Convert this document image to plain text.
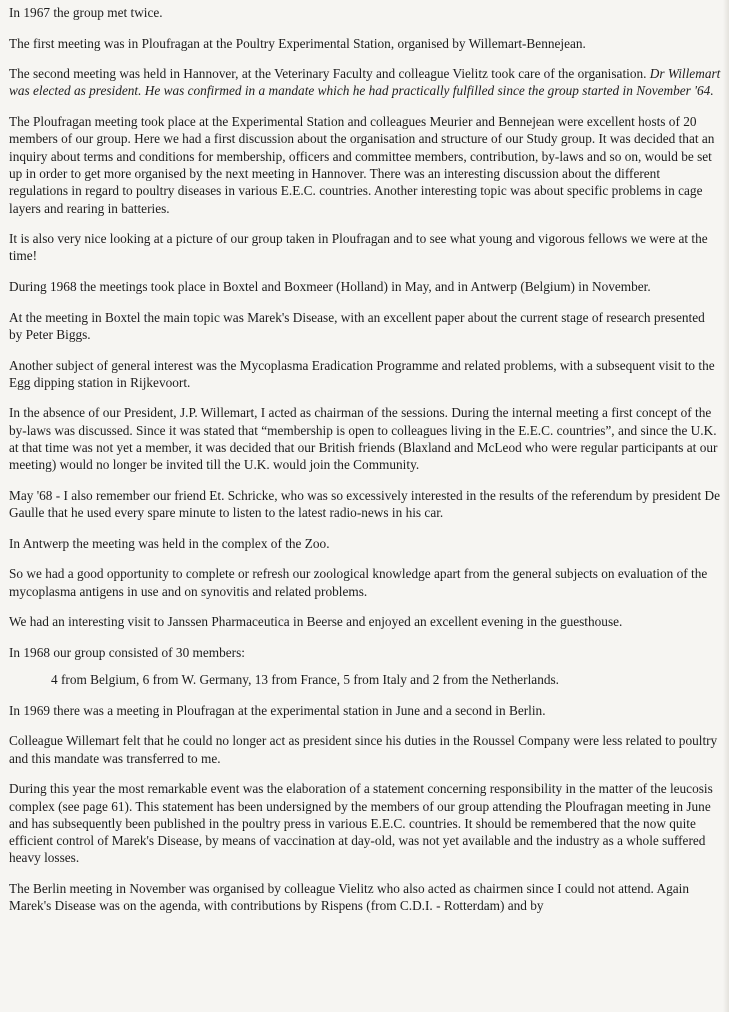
In 1967 the group met twice.

The first meeting was in Ploufragan at the Poultry Experimental Station, organised by Willemart-Bennejean.

The second meeting was held in Hannover, at the Veterinary Faculty and colleague Vielitz took care of the organisation. Dr Willemart was elected as president. He was confirmed in a mandate which he had practically fulfilled since the group started in November '64.

The Ploufragan meeting took place at the Experimental Station and colleagues Meurier and Bennejean were excellent hosts of 20 members of our group. Here we had a first discussion about the organisation and structure of our Study group. It was decided that an inquiry about terms and conditions for membership, officers and committee members, contribution, by-laws and so on, would be set up in order to get more organised by the next meeting in Hannover. There was an interesting discussion about the different regulations in regard to poultry diseases in various E.E.C. countries. Another interesting topic was about specific problems in cage layers and rearing in batteries.

It is also very nice looking at a picture of our group taken in Ploufragan and to see what young and vigorous fellows we were at the time!

During 1968 the meetings took place in Boxtel and Boxmeer (Holland) in May, and in Antwerp (Belgium) in November.

At the meeting in Boxtel the main topic was Marek's Disease, with an excellent paper about the current stage of research presented by Peter Biggs.

Another subject of general interest was the Mycoplasma Eradication Programme and related problems, with a subsequent visit to the Egg dipping station in Rijkevoort.

In the absence of our President, J.P. Willemart, I acted as chairman of the sessions. During the internal meeting a first concept of the by-laws was discussed. Since it was stated that “membership is open to colleagues living in the E.E.C. countries”, and since the U.K. at that time was not yet a member, it was decided that our British friends (Blaxland and McLeod who were regular participants at our meeting) would no longer be invited till the U.K. would join the Community.

May '68 - I also remember our friend Et. Schricke, who was so excessively interested in the results of the referendum by president De Gaulle that he used every spare minute to listen to the latest radio-news in his car.

In Antwerp the meeting was held in the complex of the Zoo.

So we had a good opportunity to complete or refresh our zoological knowledge apart from the general subjects on evaluation of the mycoplasma antigens in use and on synovitis and related problems.

We had an interesting visit to Janssen Pharmaceutica in Beerse and enjoyed an excellent evening in the guesthouse.

In 1968 our group consisted of 30 members:

4 from Belgium, 6 from W. Germany, 13 from France, 5 from Italy and 2 from the Netherlands.

In 1969 there was a meeting in Ploufragan at the experimental station in June and a second in Berlin.

Colleague Willemart felt that he could no longer act as president since his duties in the Roussel Company were less related to poultry and this mandate was transferred to me.

During this year the most remarkable event was the elaboration of a statement concerning responsibility in the matter of the leucosis complex (see page 61). This statement has been undersigned by the members of our group attending the Ploufragan meeting in June and has subsequently been published in the poultry press in various E.E.C. countries. It should be remembered that the now quite efficient control of Marek's Disease, by means of vaccination at day-old, was not yet available and the industry as a whole suffered heavy losses.

The Berlin meeting in November was organised by colleague Vielitz who also acted as chairmen since I could not attend. Again Marek's Disease was on the agenda, with contributions by Rispens (from C.D.I. - Rotterdam) and by
